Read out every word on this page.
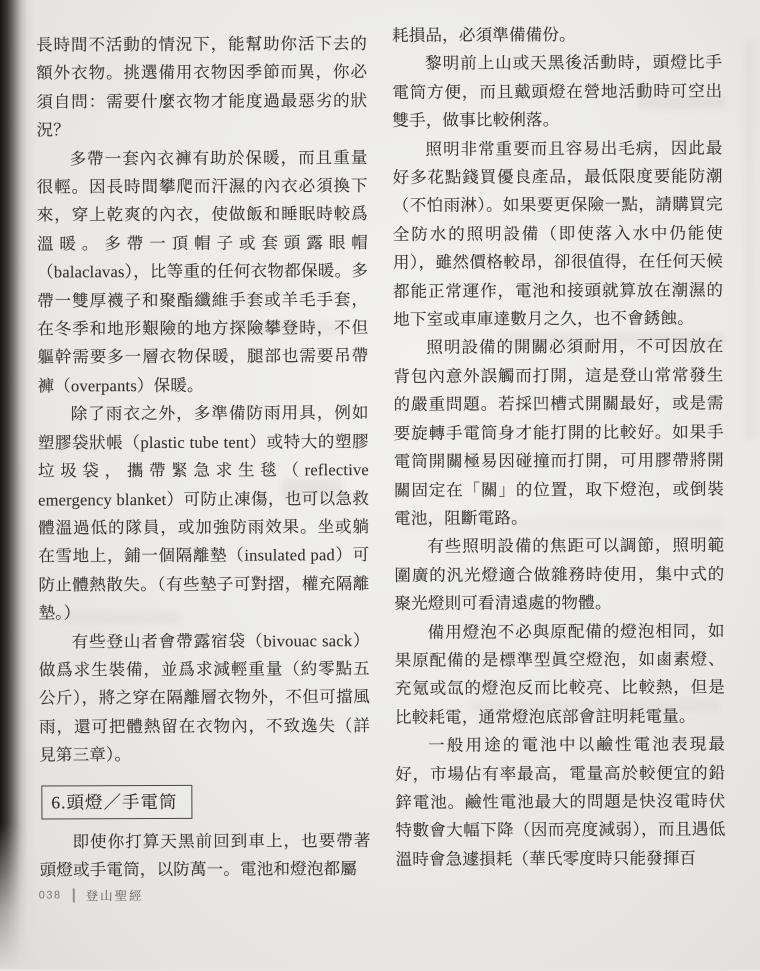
長時間不活動的情況下，能幫助你活下去的額外衣物。挑選備用衣物因季節而異，你必須自問：需要什麼衣物才能度過最惡劣的狀況？

多帶一套內衣褲有助於保暖，而且重量很輕。因長時間攀爬而汗濕的內衣必須換下來，穿上乾爽的內衣，使做飯和睡眠時較爲溫暖。多帶一頂帽子或套頭露眼帽（balaclavas），比等重的任何衣物都保暖。多帶一雙厚襪子和聚酯纖維手套或羊毛手套，在冬季和地形艱險的地方探險攀登時，不但軀幹需要多一層衣物保暖，腿部也需要吊帶褲（overpants）保暖。

除了雨衣之外，多準備防雨用具，例如塑膠袋狀帳（plastic tube tent）或特大的塑膠垃圾袋，攜帶緊急求生毯（reflective emergency blanket）可防止凍傷，也可以急救體溫過低的隊員，或加強防雨效果。坐或躺在雪地上，鋪一個隔離墊（insulated pad）可防止體熱散失。（有些墊子可對摺，權充隔離墊。）

有些登山者會帶露宿袋（bivouac sack）做爲求生裝備，並爲求減輕重量（約零點五公斤），將之穿在隔離層衣物外，不但可擋風雨，還可把體熱留在衣物內，不致逸失（詳見第三章）。

6.頭燈／手電筒

即使你打算天黑前回到車上，也要帶著頭燈或手電筒，以防萬一。電池和燈泡都屬

耗損品，必須準備備份。

黎明前上山或天黑後活動時，頭燈比手電筒方便，而且戴頭燈在營地活動時可空出雙手，做事比較俐落。

照明非常重要而且容易出毛病，因此最好多花點錢買優良產品，最低限度要能防潮（不怕雨淋）。如果要更保險一點，請購買完全防水的照明設備（即使落入水中仍能使用），雖然價格較昂，卻很值得，在任何天候都能正常運作，電池和接頭就算放在潮濕的地下室或車庫達數月之久，也不會銹蝕。

照明設備的開關必須耐用，不可因放在背包內意外誤觸而打開，這是登山常常發生的嚴重問題。若採凹槽式開關最好，或是需要旋轉手電筒身才能打開的比較好。如果手電筒開關極易因碰撞而打開，可用膠帶將開關固定在「關」的位置，取下燈泡，或倒裝電池，阻斷電路。

有些照明設備的焦距可以調節，照明範圍廣的汎光燈適合做雜務時使用，集中式的聚光燈則可看清遠處的物體。

備用燈泡不必與原配備的燈泡相同，如果原配備的是標準型眞空燈泡，如鹵素燈、充氪或氙的燈泡反而比較亮、比較熱，但是比較耗電，通常燈泡底部會註明耗電量。

一般用途的電池中以鹼性電池表現最好，市場佔有率最高，電量高於較便宜的鉛鋅電池。鹼性電池最大的問題是快沒電時伏特數會大幅下降（因而亮度減弱），而且遇低溫時會急遽損耗（華氏零度時只能發揮百

038 登山聖經
